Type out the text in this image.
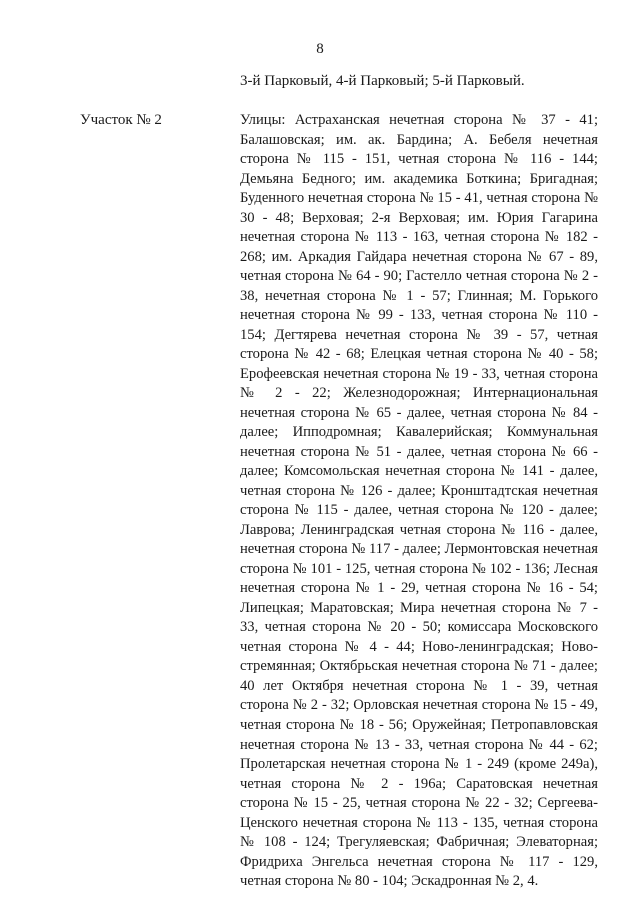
8
3-й Парковый, 4-й Парковый; 5-й Парковый.
Участок № 2	Улицы: Астраханская нечетная сторона № 37 - 41; Балашовская; им. ак. Бардина; А. Бебеля нечетная сторона № 115 - 151, четная сторона № 116 - 144; Демьяна Бедного; им. академика Боткина; Бригадная; Буденного нечетная сторона № 15 - 41, четная сторона № 30 - 48; Верховая; 2-я Верховая; им. Юрия Гагарина нечетная сторона № 113 - 163, четная сторона № 182 - 268; им. Аркадия Гайдара нечетная сторона № 67 - 89, четная сторона № 64 - 90; Гастелло четная сторона № 2 - 38, нечетная сторона № 1 - 57; Глинная; М. Горького нечетная сторона № 99 - 133, четная сторона № 110 - 154; Дегтярева нечетная сторона № 39 - 57, четная сторона № 42 - 68; Елецкая четная сторона № 40 - 58; Ерофеевская нечетная сторона № 19 - 33, четная сторона № 2 - 22; Железнодорожная; Интернациональная нечетная сторона № 65 - далее, четная сторона № 84 - далее; Ипподромная; Кавалерийская; Коммунальная нечетная сторона № 51 - далее, четная сторона № 66 - далее; Комсомольская нечетная сторона № 141 - далее, четная сторона № 126 - далее; Кронштадтская нечетная сторона № 115 - далее, четная сторона № 120 - далее; Лаврова; Ленинградская четная сторона № 116 - далее, нечетная сторона № 117 - далее; Лермонтовская нечетная сторона № 101 - 125, четная сторона № 102 - 136; Лесная нечетная сторона № 1 - 29, четная сторона № 16 - 54; Липецкая; Маратовская; Мира нечетная сторона № 7 - 33, четная сторона № 20 - 50; комиссара Московского четная сторона № 4 - 44; Ново-ленинградская; Ново-стремянная; Октябрьская нечетная сторона № 71 - далее; 40 лет Октября нечетная сторона № 1 - 39, четная сторона № 2 - 32; Орловская нечетная сторона № 15 - 49, четная сторона № 18 - 56; Оружейная; Петропавловская нечетная сторона № 13 - 33, четная сторона № 44 - 62; Пролетарская нечетная сторона № 1 - 249 (кроме 249а), четная сторона № 2 - 196а; Саратовская нечетная сторона № 15 - 25, четная сторона № 22 - 32; Сергеева-Ценского нечетная сторона № 113 - 135, четная сторона № 108 - 124; Трегуляевская; Фабричная; Элеваторная; Фридриха Энгельса нечетная сторона № 117 - 129, четная сторона № 80 - 104; Эскадронная № 2, 4.
